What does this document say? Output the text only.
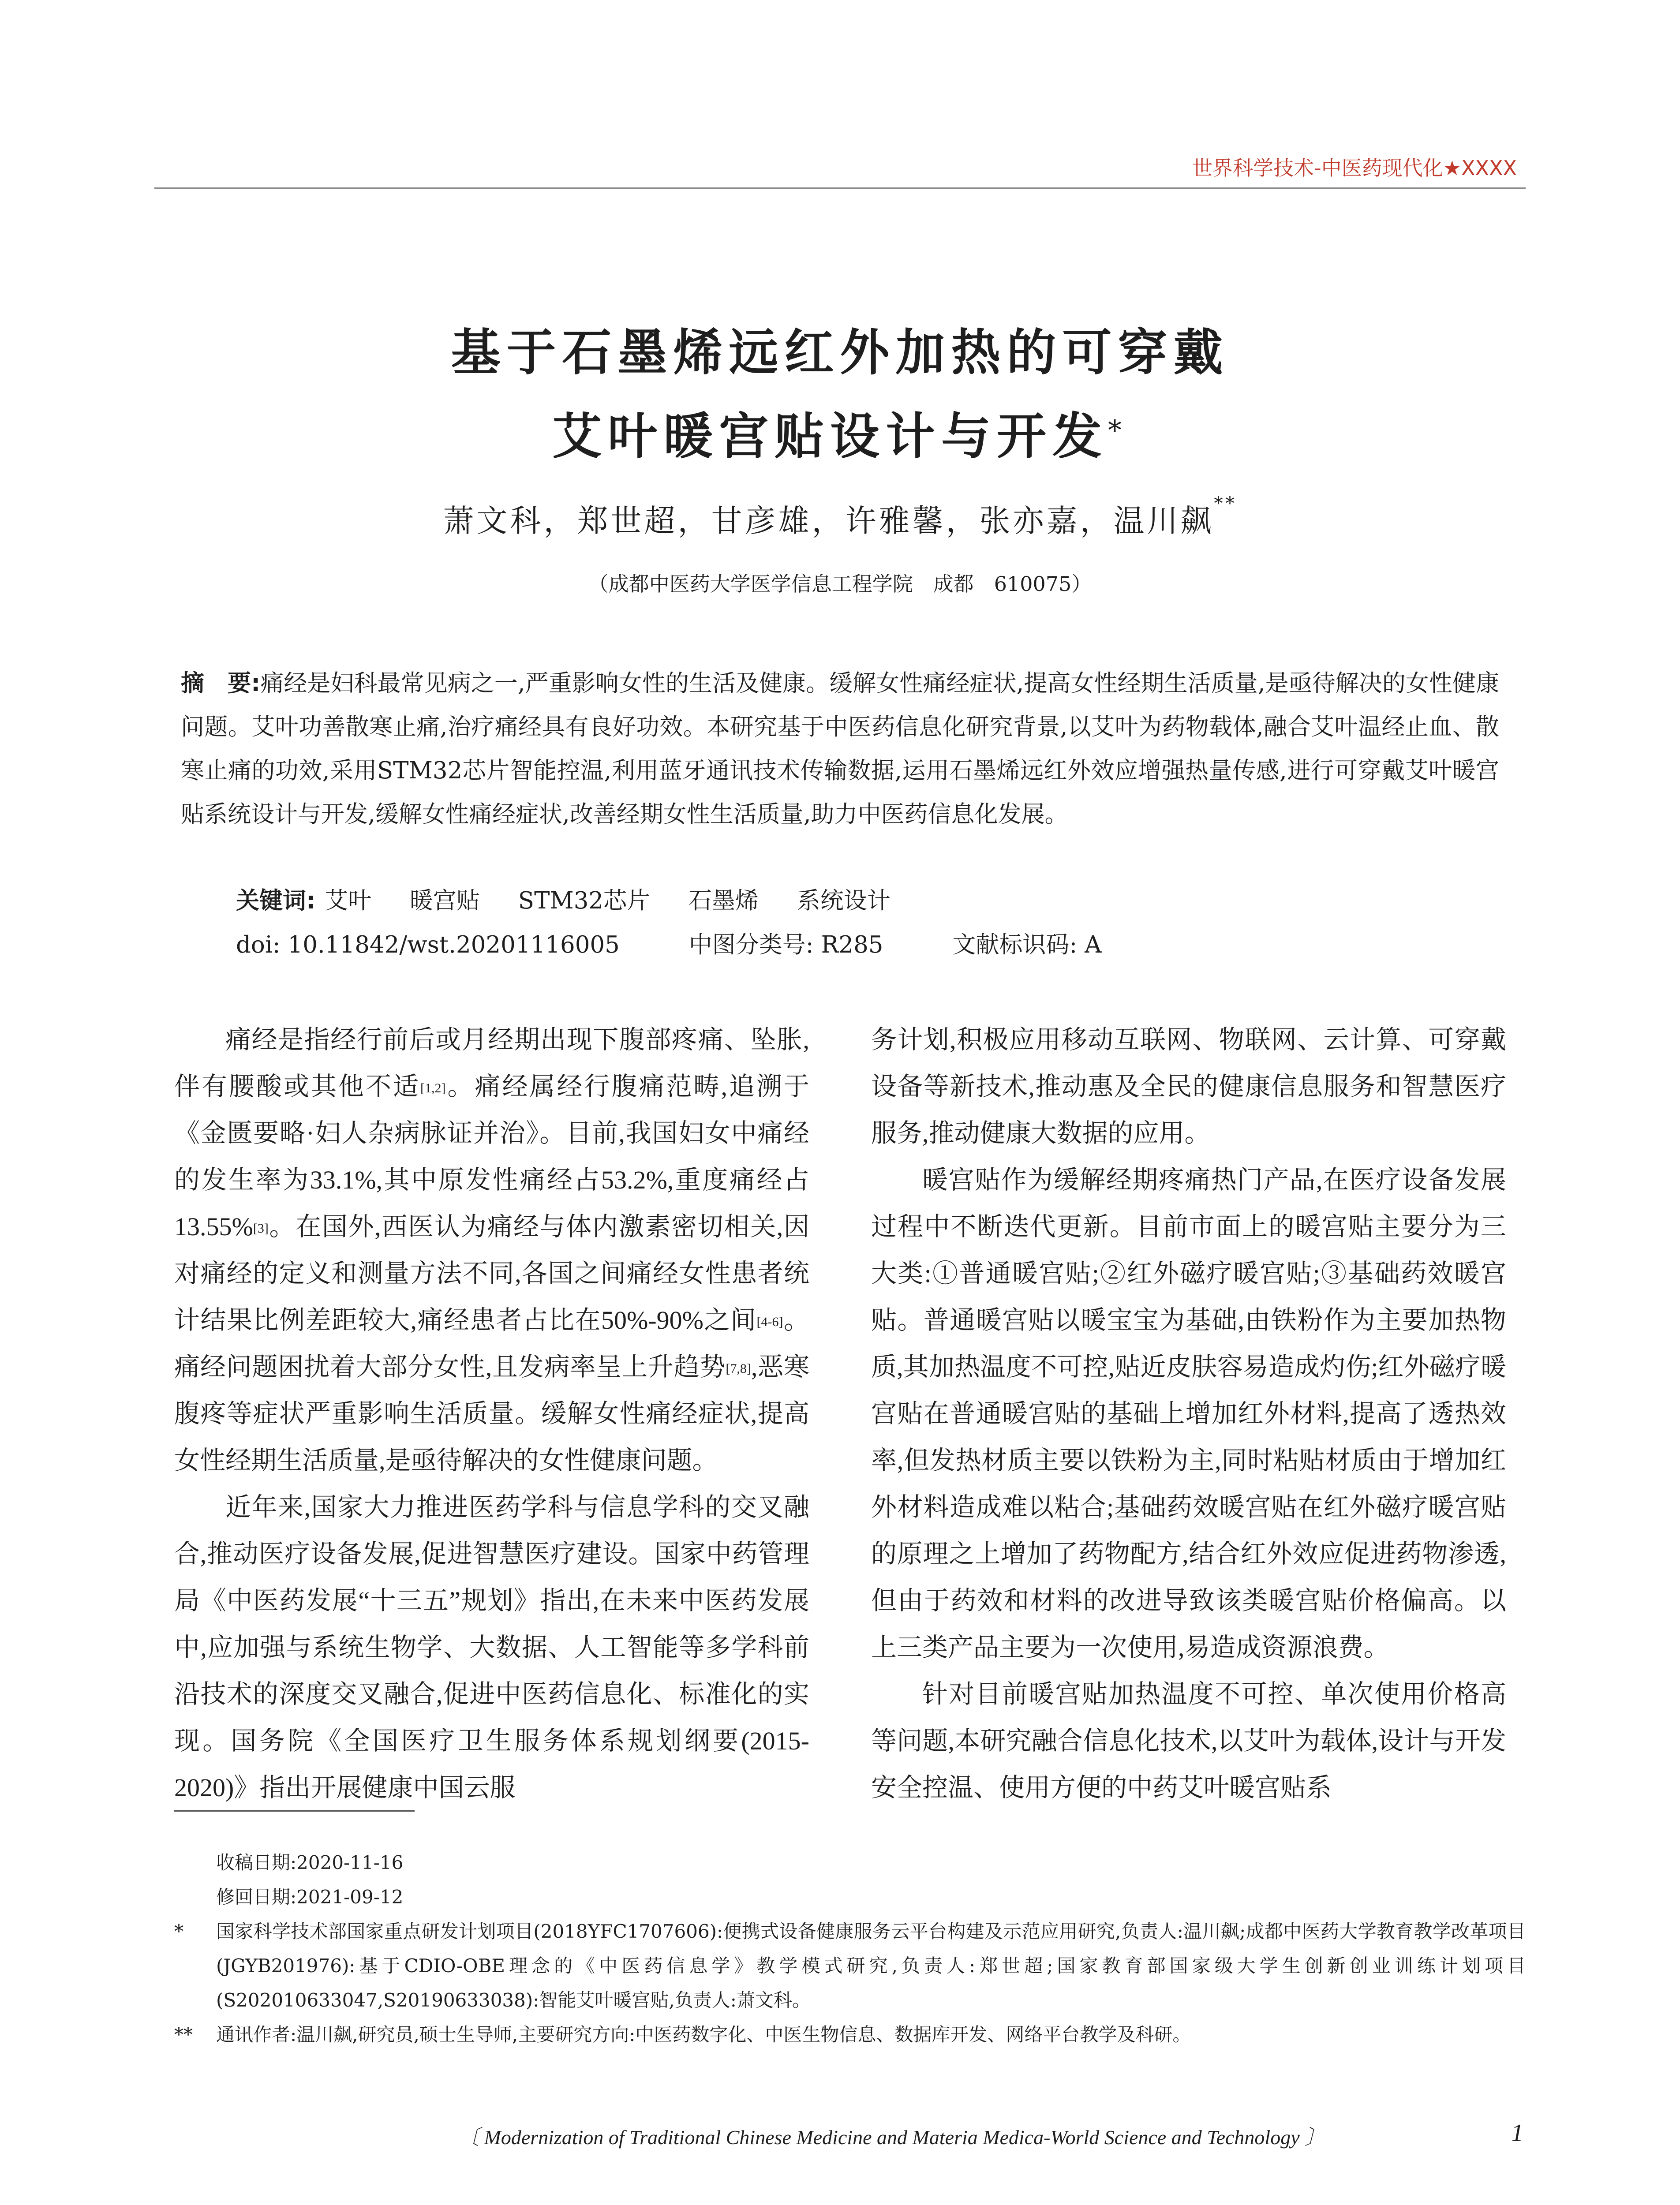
世界科学技术-中医药现代化★XXXX
基于石墨烯远红外加热的可穿戴
艾叶暖宫贴设计与开发*
萧文科，郑世超，甘彦雄，许雅馨，张亦嘉，温川飙**
（成都中医药大学医学信息工程学院　成都　610075）
摘　要:痛经是妇科最常见病之一,严重影响女性的生活及健康。缓解女性痛经症状,提高女性经期生活质量,是亟待解决的女性健康问题。艾叶功善散寒止痛,治疗痛经具有良好功效。本研究基于中医药信息化研究背景,以艾叶为药物载体,融合艾叶温经止血、散寒止痛的功效,采用STM32芯片智能控温,利用蓝牙通讯技术传输数据,运用石墨烯远红外效应增强热量传感,进行可穿戴艾叶暖宫贴系统设计与开发,缓解女性痛经症状,改善经期女性生活质量,助力中医药信息化发展。
关键词: 艾叶 暖宫贴 STM32芯片 石墨烯 系统设计
doi: 10.11842/wst.20201116005	中图分类号: R285	文献标识码: A

痛经是指经行前后或月经期出现下腹部疼痛、坠胀,伴有腰酸或其他不适[1,2]。痛经属经行腹痛范畴,追溯于《金匮要略·妇人杂病脉证并治》。目前,我国妇女中痛经的发生率为33.1%,其中原发性痛经占53.2%,重度痛经占13.55%[3]。在国外,西医认为痛经与体内激素密切相关,因对痛经的定义和测量方法不同,各国之间痛经女性患者统计结果比例差距较大,痛经患者占比在50%-90%之间[4-6]。痛经问题困扰着大部分女性,且发病率呈上升趋势[7,8],恶寒腹疼等症状严重影响生活质量。缓解女性痛经症状,提高女性经期生活质量,是亟待解决的女性健康问题。

近年来,国家大力推进医药学科与信息学科的交叉融合,推动医疗设备发展,促进智慧医疗建设。国家中药管理局《中医药发展“十三五”规划》指出,在未来中医药发展中,应加强与系统生物学、大数据、人工智能等多学科前沿技术的深度交叉融合,促进中医药信息化、标准化的实现。国务院《全国医疗卫生服务体系规划纲要(2015-2020)》指出开展健康中国云服

务计划,积极应用移动互联网、物联网、云计算、可穿戴设备等新技术,推动惠及全民的健康信息服务和智慧医疗服务,推动健康大数据的应用。

暖宫贴作为缓解经期疼痛热门产品,在医疗设备发展过程中不断迭代更新。目前市面上的暖宫贴主要分为三大类:①普通暖宫贴;②红外磁疗暖宫贴;③基础药效暖宫贴。普通暖宫贴以暖宝宝为基础,由铁粉作为主要加热物质,其加热温度不可控,贴近皮肤容易造成灼伤;红外磁疗暖宫贴在普通暖宫贴的基础上增加红外材料,提高了透热效率,但发热材质主要以铁粉为主,同时粘贴材质由于增加红外材料造成难以粘合;基础药效暖宫贴在红外磁疗暖宫贴的原理之上增加了药物配方,结合红外效应促进药物渗透,但由于药效和材料的改进导致该类暖宫贴价格偏高。以上三类产品主要为一次使用,易造成资源浪费。

针对目前暖宫贴加热温度不可控、单次使用价格高等问题,本研究融合信息化技术,以艾叶为载体,设计与开发安全控温、使用方便的中药艾叶暖宫贴系

收稿日期:2020-11-16
修回日期:2021-09-12
* 国家科学技术部国家重点研发计划项目(2018YFC1707606):便携式设备健康服务云平台构建及示范应用研究,负责人:温川飙;成都中医药大学教育教学改革项目(JGYB201976):基于CDIO-OBE理念的《中医药信息学》教学模式研究,负责人:郑世超;国家教育部国家级大学生创新创业训练计划项目(S202010633047,S20190633038):智能艾叶暖宫贴,负责人:萧文科。
** 通讯作者:温川飙,研究员,硕士生导师,主要研究方向:中医药数字化、中医生物信息、数据库开发、网络平台教学及科研。
〔 Modernization of Traditional Chinese Medicine and Materia Medica-World Science and Technology 〕	1
